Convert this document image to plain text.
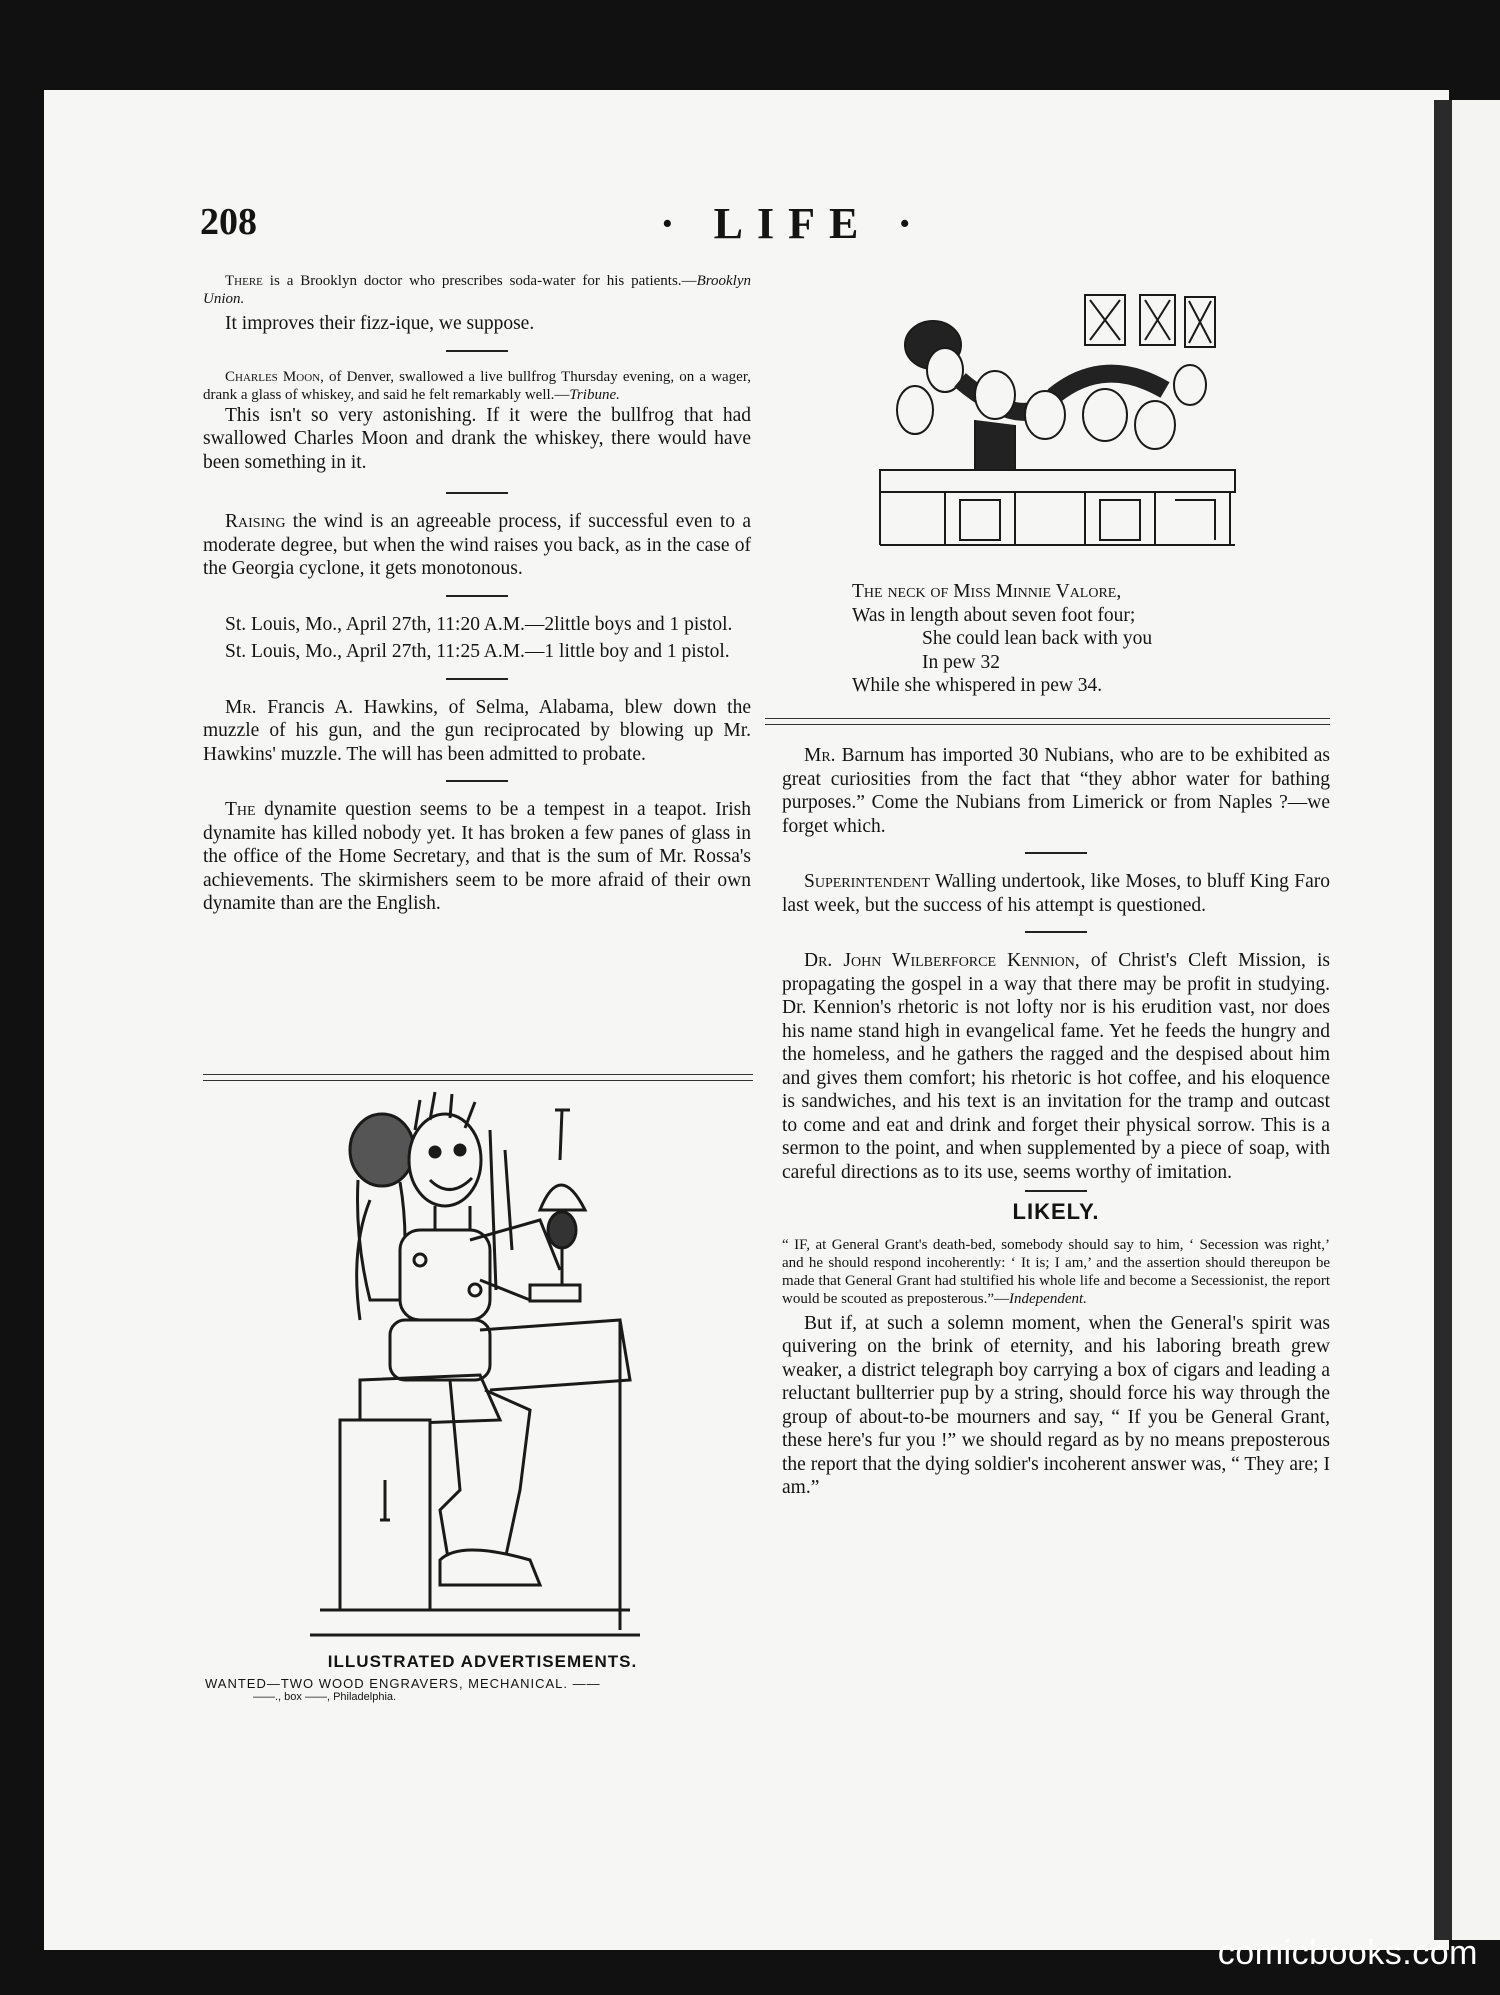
208	· LIFE ·

There is a Brooklyn doctor who prescribes soda-water for his patients.—Brooklyn Union.

It improves their fizz-ique, we suppose.

Charles Moon, of Denver, swallowed a live bullfrog Thursday evening, on a wager, drank a glass of whiskey, and said he felt remarkably well.—Tribune.

This isn't so very astonishing. If it were the bullfrog that had swallowed Charles Moon and drank the whiskey, there would have been something in it.

Raising the wind is an agreeable process, if successful even to a moderate degree, but when the wind raises you back, as in the case of the Georgia cyclone, it gets monotonous.

St. Louis, Mo., April 27th, 11:20 A.M.—2little boys and 1 pistol.

St. Louis, Mo., April 27th, 11:25 A.M.—1 little boy and 1 pistol.

Mr. Francis A. Hawkins, of Selma, Alabama, blew down the muzzle of his gun, and the gun reciprocated by blowing up Mr. Hawkins' muzzle. The will has been admitted to probate.

The dynamite question seems to be a tempest in a teapot. Irish dynamite has killed nobody yet. It has broken a few panes of glass in the office of the Home Secretary, and that is the sum of Mr. Rossa's achievements. The skirmishers seem to be more afraid of their own dynamite than are the English.

ILLUSTRATED ADVERTISEMENTS.
WANTED—TWO WOOD ENGRAVERS, MECHANICAL. ——
——., box ——, Philadelphia.
The neck of Miss Minnie Valore,
Was in length about seven foot four;
She could lean back with you
In pew 32
While she whispered in pew 34.

Mr. Barnum has imported 30 Nubians, who are to be exhibited as great curiosities from the fact that “they abhor water for bathing purposes.” Come the Nubians from Limerick or from Naples ?—we forget which.

Superintendent Walling undertook, like Moses, to bluff King Faro last week, but the success of his attempt is questioned.

Dr. John Wilberforce Kennion, of Christ's Cleft Mission, is propagating the gospel in a way that there may be profit in studying. Dr. Kennion's rhetoric is not lofty nor is his erudition vast, nor does his name stand high in evangelical fame. Yet he feeds the hungry and the homeless, and he gathers the ragged and the despised about him and gives them comfort; his rhetoric is hot coffee, and his eloquence is sandwiches, and his text is an invitation for the tramp and outcast to come and eat and drink and forget their physical sorrow. This is a sermon to the point, and when supplemented by a piece of soap, with careful directions as to its use, seems worthy of imitation.

LIKELY.

“ IF, at General Grant's death-bed, somebody should say to him, ‘ Secession was right,’ and he should respond incoherently: ‘ It is; I am,’ and the assertion should thereupon be made that General Grant had stultified his whole life and become a Secessionist, the report would be scouted as preposterous.”—Independent.

But if, at such a solemn moment, when the General's spirit was quivering on the brink of eternity, and his laboring breath grew weaker, a district telegraph boy carrying a box of cigars and leading a reluctant bullterrier pup by a string, should force his way through the group of about-to-be mourners and say, “ If you be General Grant, these here's fur you !” we should regard as by no means preposterous the report that the dying soldier's incoherent answer was, “ They are; I am.”

comicbooks.com
